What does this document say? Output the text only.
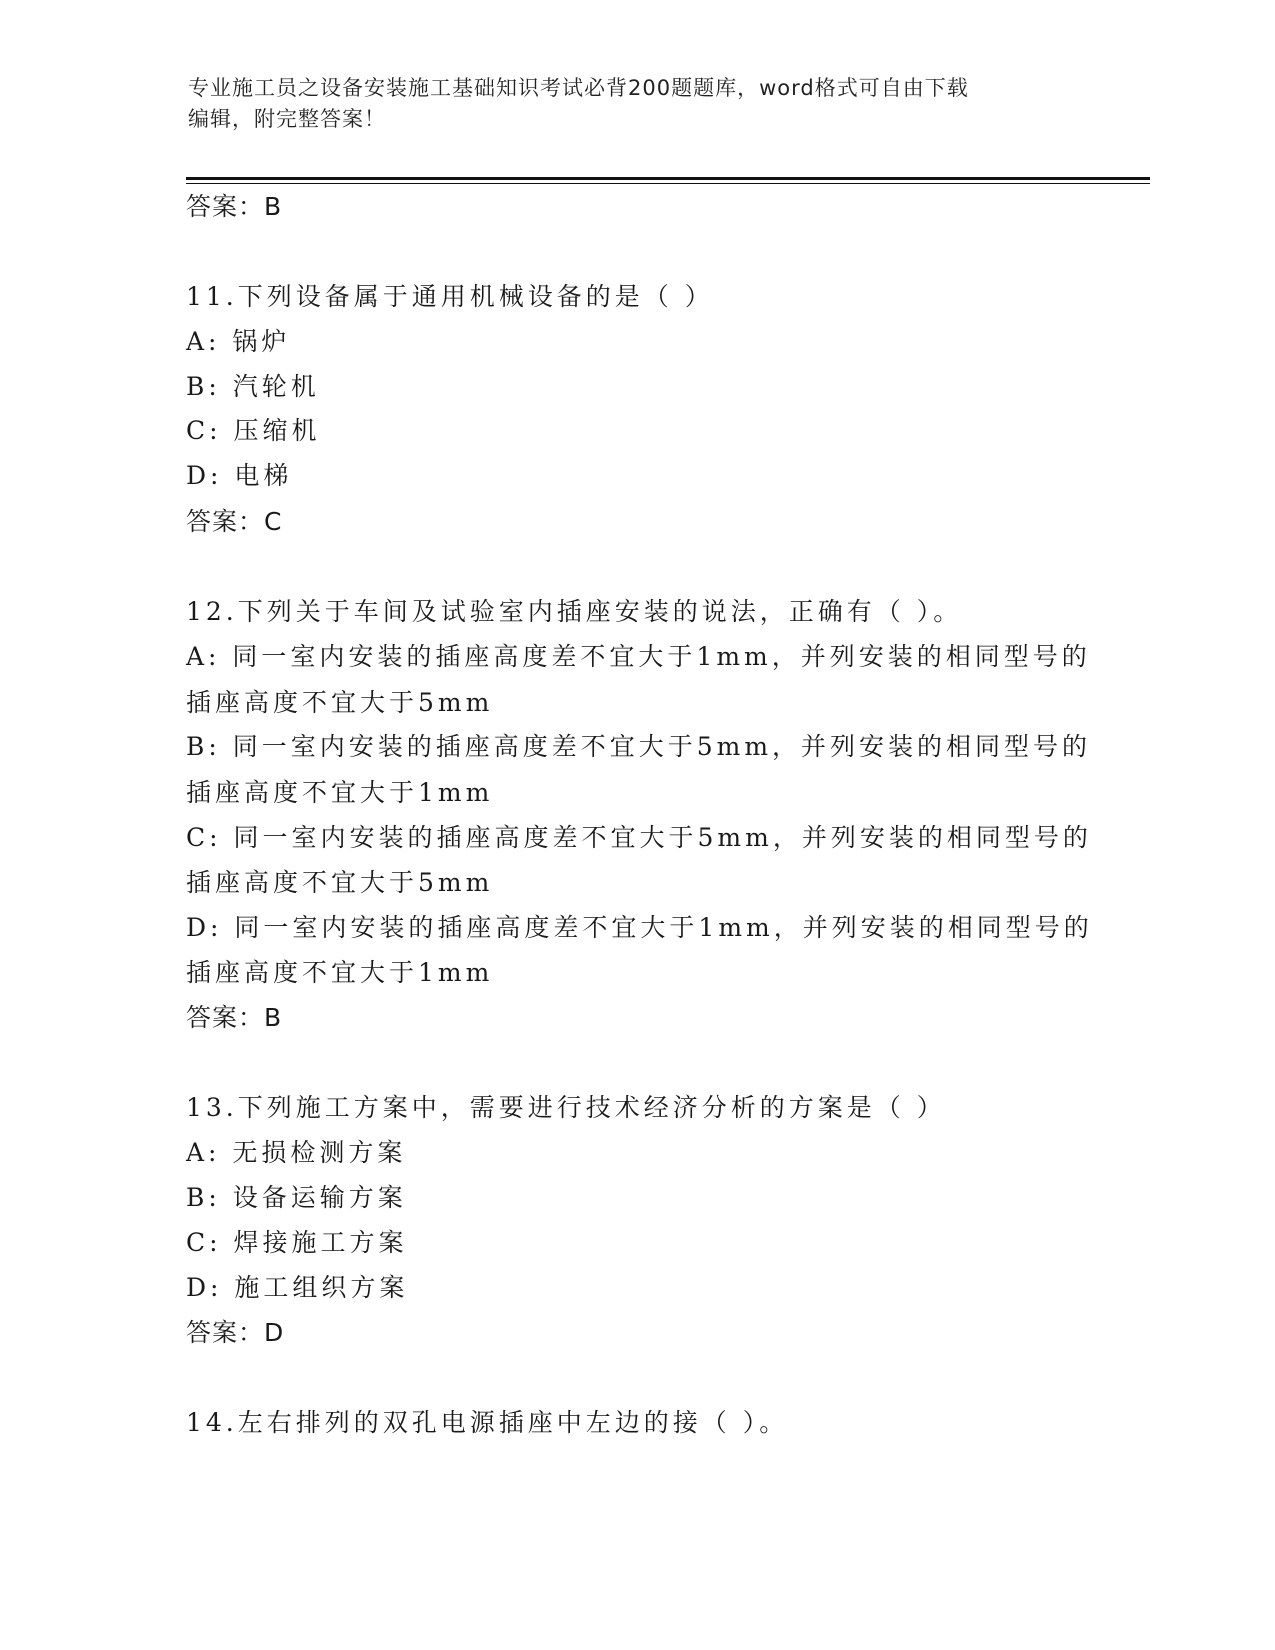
专业施工员之设备安装施工基础知识考试必背200题题库，word格式可自由下载
编辑，附完整答案！
答案：B
11.下列设备属于通用机械设备的是（ ）
A: 锅炉
B: 汽轮机
C: 压缩机
D: 电梯
答案：C
12.下列关于车间及试验室内插座安装的说法，正确有（ ）。
A: 同一室内安装的插座高度差不宜大于1mm，并列安装的相同型号的
插座高度不宜大于5mm
B: 同一室内安装的插座高度差不宜大于5mm，并列安装的相同型号的
插座高度不宜大于1mm
C: 同一室内安装的插座高度差不宜大于5mm，并列安装的相同型号的
插座高度不宜大于5mm
D: 同一室内安装的插座高度差不宜大于1mm，并列安装的相同型号的
插座高度不宜大于1mm
答案：B
13.下列施工方案中，需要进行技术经济分析的方案是（ ）
A: 无损检测方案
B: 设备运输方案
C: 焊接施工方案
D: 施工组织方案
答案：D
14.左右排列的双孔电源插座中左边的接（ ）。
